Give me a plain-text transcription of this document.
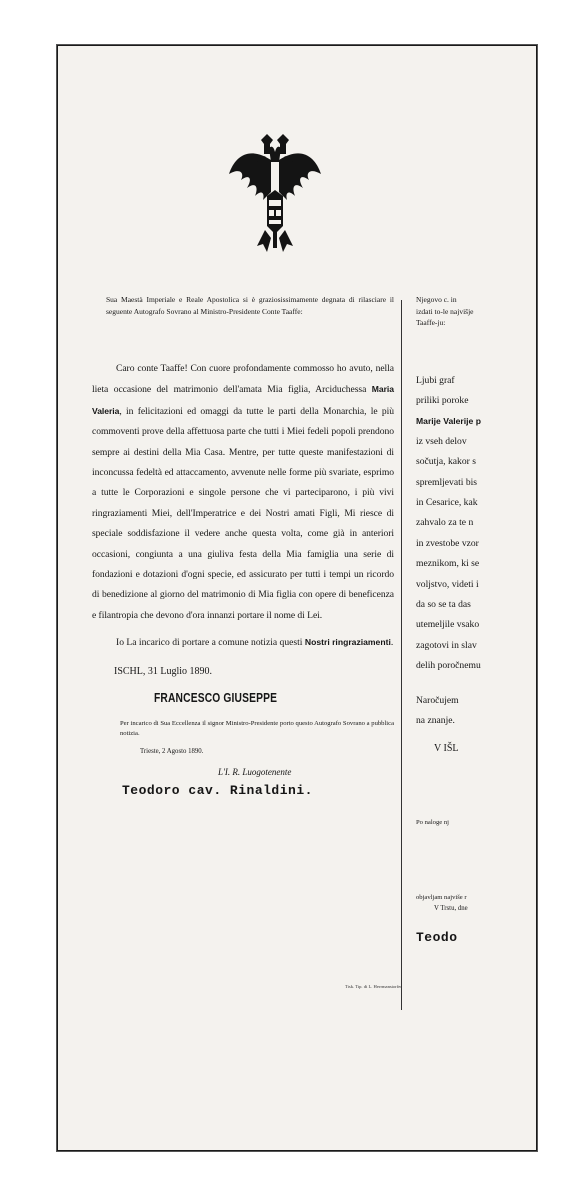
Sua Maestà Imperiale e Reale Apostolica si è graziosissimamente degnata di rilasciare il seguente Autografo Sovrano al Ministro-Presidente Conte Taaffe:

Caro conte Taaffe! Con cuore profondamente commosso ho avuto, nella lieta occasione del matrimonio dell'amata Mia figlia, Arciduchessa Maria Valeria, in felicitazioni ed omaggi da tutte le parti della Monarchia, le più commoventi prove della affettuosa parte che tutti i Miei fedeli popoli prendono sempre ai destini della Mia Casa. Mentre, per tutte queste manifestazioni di inconcussa fedeltà ed attaccamento, avvenute nelle forme più svariate, esprimo a tutte le Corporazioni e singole persone che vi parteciparono, i più vivi ringraziamenti Miei, dell'Imperatrice e dei Nostri amati Figli, Mi riesce di speciale soddisfazione il vedere anche questa volta, come già in anteriori occasioni, congiunta a una giuliva festa della Mia famiglia una serie di fondazioni e dotazioni d'ogni specie, ed assicurato per tutti i tempi un ricordo di benedizione al giorno del matrimonio di Mia figlia con opere di beneficenza e filantropia che devono d'ora innanzi portare il nome di Lei.

Io La incarico di portare a comune notizia questi Nostri ringraziamenti.

ISCHL, 31 Luglio 1890.

FRANCESCO GIUSEPPE

Per incarico di Sua Eccellenza il signor Ministro-Presidente porto questo Autografo Sovrano a pubblica notizia.

Trieste, 2 Agosto 1890.

L'I. R. Luogotenente

Teodoro cav. Rinaldini.

Njegovo c. in

izdati to-le najvišje

Taaffe-ju:

Ljubi graf

priliki poroke

Marije Valerije p

iz vseh delov

sočutja, kakor s

spremljevati bis

in Cesarice, kak

zahvalo za te n

in zvestobe vzor

meznikom, ki se

voljstvo, videti i

da so se ta das

utemeljile vsako

zagotovi in slav

delih poročnemu

Naročujem

na znanje.

V IŠL

Po naloge nj

objavljam najviše r

V Trstu, dne

Teodo

Tisk. Tip. di L. Herrmanstorfer
